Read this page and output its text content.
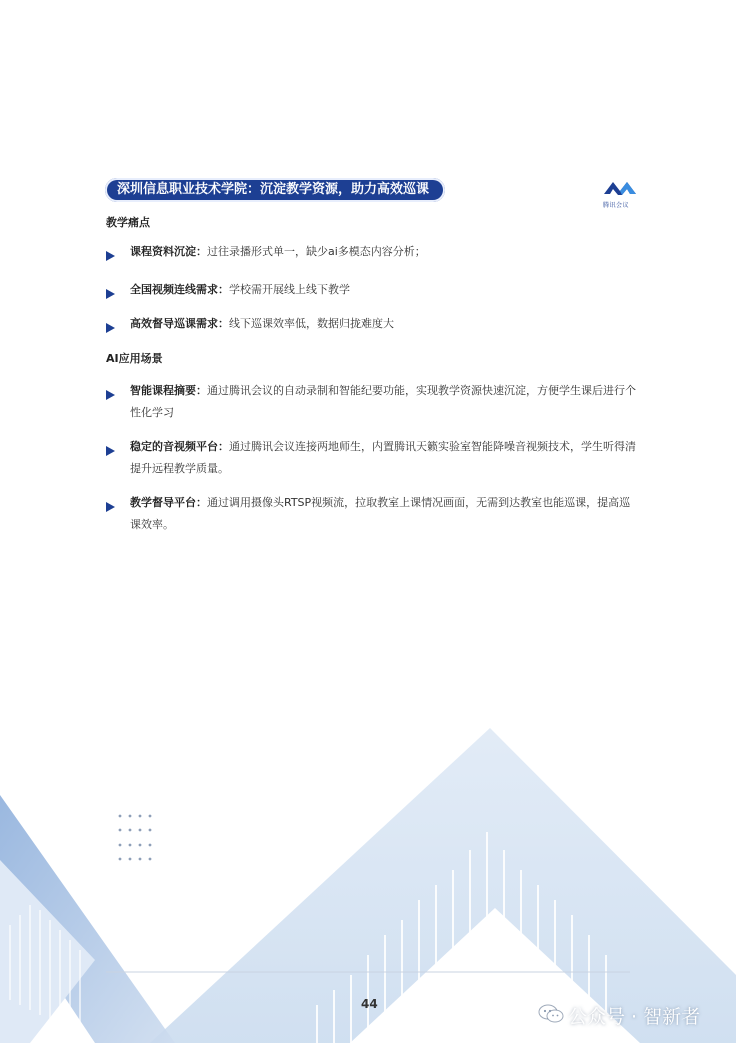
深圳信息职业技术学院：沉淀教学资源，助力高效巡课
腾讯会议
教学痛点
课程资料沉淀：过往录播形式单一，缺少ai多模态内容分析；
全国视频连线需求：学校需开展线上线下教学
高效督导巡课需求：线下巡课效率低，数据归拢难度大
AI应用场景
智能课程摘要：通过腾讯会议的自动录制和智能纪要功能，实现教学资源快速沉淀，方便学生课后进行个性化学习
稳定的音视频平台：通过腾讯会议连接两地师生，内置腾讯天籁实验室智能降噪音视频技术，学生听得清提升远程教学质量。
教学督导平台：通过调用摄像头RTSP视频流，拉取教室上课情况画面，无需到达教室也能巡课，提高巡课效率。
44
公众号 · 智新者
